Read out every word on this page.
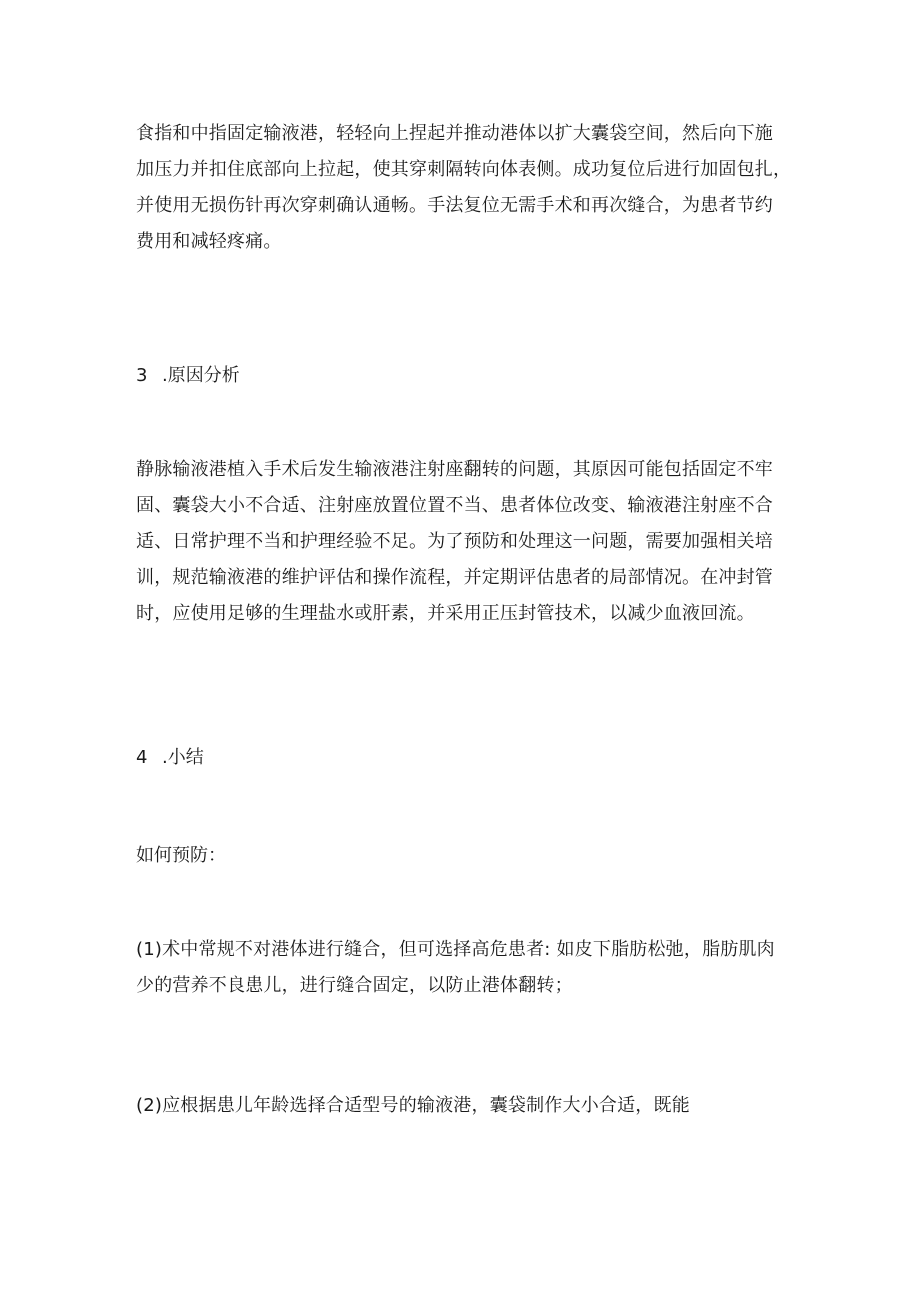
食指和中指固定输液港，轻轻向上捏起并推动港体以扩大囊袋空间，然后向下施
加压力并扣住底部向上拉起，使其穿刺隔转向体表侧。成功复位后进行加固包扎，
并使用无损伤针再次穿刺确认通畅。手法复位无需手术和再次缝合，为患者节约
费用和减轻疼痛。

3 .原因分析

静脉输液港植入手术后发生输液港注射座翻转的问题，其原因可能包括固定不牢
固、囊袋大小不合适、注射座放置位置不当、患者体位改变、输液港注射座不合
适、日常护理不当和护理经验不足。为了预防和处理这一问题，需要加强相关培
训，规范输液港的维护评估和操作流程，并定期评估患者的局部情况。在冲封管
时，应使用足够的生理盐水或肝素，并采用正压封管技术，以减少血液回流。

4 .小结

如何预防：

(1)术中常规不对港体进行缝合，但可选择高危患者: 如皮下脂肪松弛，脂肪肌肉
少的营养不良患儿，进行缝合固定，以防止港体翻转；

(2)应根据患儿年龄选择合适型号的输液港，囊袋制作大小合适，既能
